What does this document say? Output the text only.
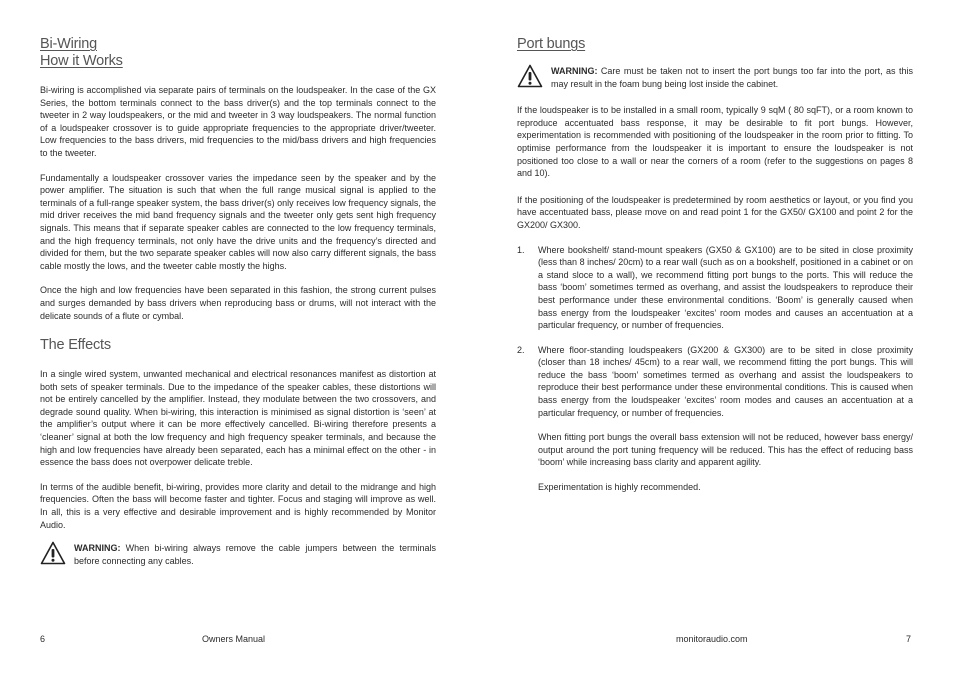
Bi-Wiring
How it Works

Bi-wiring is accomplished via separate pairs of terminals on the loudspeaker. In the case of the GX Series, the bottom terminals connect to the bass driver(s) and the top terminals connect to the tweeter in 2 way loudspeakers, or the mid and tweeter in 3 way loudspeakers. The normal function of a loudspeaker crossover is to guide appropriate frequencies to the appropriate driver/tweeter. Low frequencies to the bass drivers, mid frequencies to the mid/bass drivers and high frequencies to the tweeter.

Fundamentally a loudspeaker crossover varies the impedance seen by the speaker and by the power amplifier. The situation is such that when the full range musical signal is applied to the terminals of a full-range speaker system, the bass driver(s) only receives low frequency signals, the mid driver receives the mid band frequency signals and the tweeter only gets sent high frequency signals. This means that if separate speaker cables are connected to the low frequency terminals, and the high frequency terminals, not only have the drive units and the frequency’s directed and divided for them, but the two separate speaker cables will now also carry different signals, the bass cable mostly the lows, and the tweeter cable mostly the highs.

Once the high and low frequencies have been separated in this fashion, the strong current pulses and surges demanded by bass drivers when reproducing bass or drums, will not interact with the delicate sounds of a flute or cymbal.

The Effects

In a single wired system, unwanted mechanical and electrical resonances manifest as distortion at both sets of speaker terminals. Due to the impedance of the speaker cables, these distortions will not be entirely cancelled by the amplifier. Instead, they modulate between the two crossovers, and degrade sound quality. When bi-wiring, this interaction is minimised as signal distortion is ‘seen’ at the amplifier’s output where it can be more effectively cancelled. Bi-wiring therefore presents a ‘cleaner’ signal at both the low frequency and high frequency speaker terminals, and because the high and low frequencies have already been separated, each has a minimal effect on the other - in essence the bass does not overpower delicate treble.

In terms of the audible benefit, bi-wiring, provides more clarity and detail to the midrange and high frequencies. Often the bass will become faster and tighter. Focus and staging will improve as well. In all, this is a very effective and desirable improvement and is highly recommended by Monitor Audio.

WARNING: When bi-wiring always remove the cable jumpers between the terminals before connecting any cables.

Port bungs

WARNING: Care must be taken not to insert the port bungs too far into the port, as this may result in the foam bung being lost inside the cabinet.

If the loudspeaker is to be installed in a small room, typically 9 sqM ( 80 sqFT), or a room known to reproduce accentuated bass response, it may be desirable to fit port bungs. However, experimentation is recommended with positioning of the loudspeaker in the room prior to fitting. To optimise performance from the loudspeaker it is important to ensure the loudspeaker is not positioned too close to a wall or near the corners of a room (refer to the suggestions on pages 8 and 10).

If the positioning of the loudspeaker is predetermined by room aesthetics or layout, or you find you have accentuated bass, please move on and read point 1 for the GX50/ GX100 and point 2 for the GX200/ GX300.

1.	Where bookshelf/ stand-mount speakers (GX50 & GX100) are to be sited in close proximity (less than 8 inches/ 20cm) to a rear wall (such as on a bookshelf, positioned in a cabinet or on a stand sloce to a wall), we recommend fitting port bungs to the ports. This will reduce the bass ‘boom’ sometimes termed as overhang, and assist the loudspeakers to reproduce their best performance under these environmental conditions. ‘Boom’ is generally caused when bass energy from the loudspeaker ‘excites’ room modes and causes an accentuation at a particular frequency, or number of frequencies.

2.	Where floor-standing loudspeakers (GX200 & GX300) are to be sited in close proximity (closer than 18 inches/ 45cm) to a rear wall, we recommend fitting the port bungs. This will reduce the bass ‘boom’ sometimes termed as overhang and assist the loudspeakers to reproduce their best performance under these environmental conditions. This is caused when bass energy from the loudspeaker ‘excites’ room modes and causes an accentuation at a particular frequency, or number of frequencies.

When fitting port bungs the overall bass extension will not be reduced, however bass energy/ output around the port tuning frequency will be reduced. This has the effect of reducing bass ‘boom’ while increasing bass clarity and apparent agility.

Experimentation is highly recommended.

6	Owners Manual	monitoraudio.com	7
